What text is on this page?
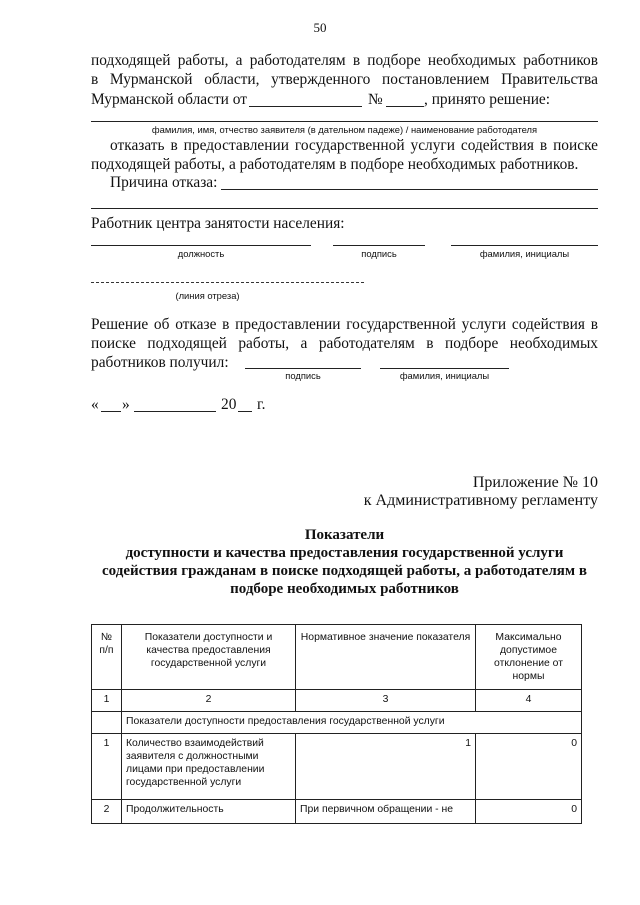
50
подходящей работы, а работодателям в подборе необходимых работников
в Мурманской области, утвержденного постановлением Правительства
Мурманской области от	№	, принято решение:
фамилия, имя, отчество заявителя (в дательном падеже) / наименование работодателя
отказать в предоставлении государственной услуги содействия в поиске
подходящей работы, а работодателям в подборе необходимых работников.
Причина отказа:
Работник центра занятости населения:
должность	подпись	фамилия, инициалы
(линия отреза)
Решение об отказе в предоставлении государственной услуги содействия в
поиске подходящей работы, а работодателям в подборе необходимых
работников получил:
подпись	фамилия, инициалы
« »	20 г.
Приложение № 10
к Административному регламенту
Показатели
доступности и качества предоставления государственной услуги
содействия гражданам в поиске подходящей работы, а работодателям в
подборе необходимых работников
№ п/п	Показатели доступности и качества предоставления государственной услуги	Нормативное значение показателя	Максимально допустимое отклонение от нормы
1	2	3	4
	Показатели доступности предоставления государственной услуги		
1	Количество взаимодействий заявителя с должностными лицами при предоставлении государственной услуги	1	0
2	Продолжительность	При первичном обращении - не	0
